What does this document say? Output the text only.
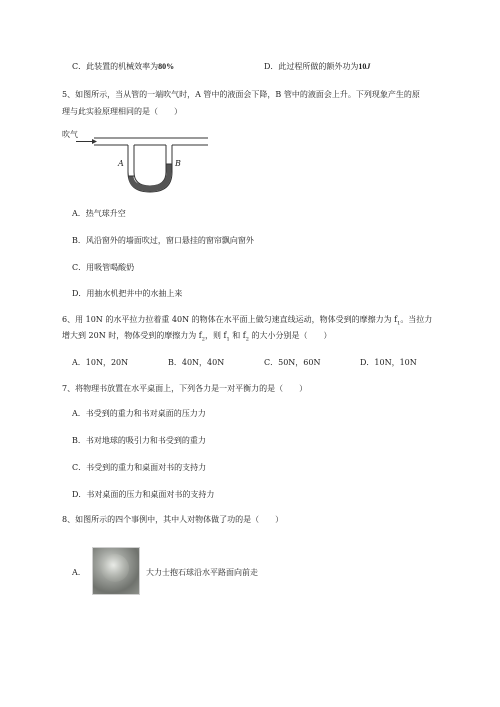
C．此装置的机械效率为80%	D．此过程所做的额外功为10J
5、如图所示，当从管的一端吹气时，A 管中的液面会下降，B 管中的液面会上升。下列现象产生的原
理与此实验原理相同的是（　　）
吹气
A	B
A．热气球升空
B．风沿窗外的墙面吹过，窗口悬挂的窗帘飘向窗外
C．用吸管喝酸奶
D．用抽水机把井中的水抽上来
6、用 10N 的水平拉力拉着重 40N 的物体在水平面上做匀速直线运动，物体受到的摩擦力为 $f_1$。当拉力
增大到 20N 时，物体受到的摩擦力为 $f_2$，则 $f_1$ 和 $f_2$ 的大小分别是（　　）
A．10N，20N	B．40N，40N	C．50N，60N	D．10N，10N
7、将物理书放置在水平桌面上，下列各力是一对平衡力的是（　　）
A．书受到的重力和书对桌面的压力力
B．书对地球的吸引力和书受到的重力
C．书受到的重力和桌面对书的支持力
D．书对桌面的压力和桌面对书的支持力
8、如图所示的四个事例中，其中人对物体做了功的是（　　）
A.	大力士抱石球沿水平路面向前走
